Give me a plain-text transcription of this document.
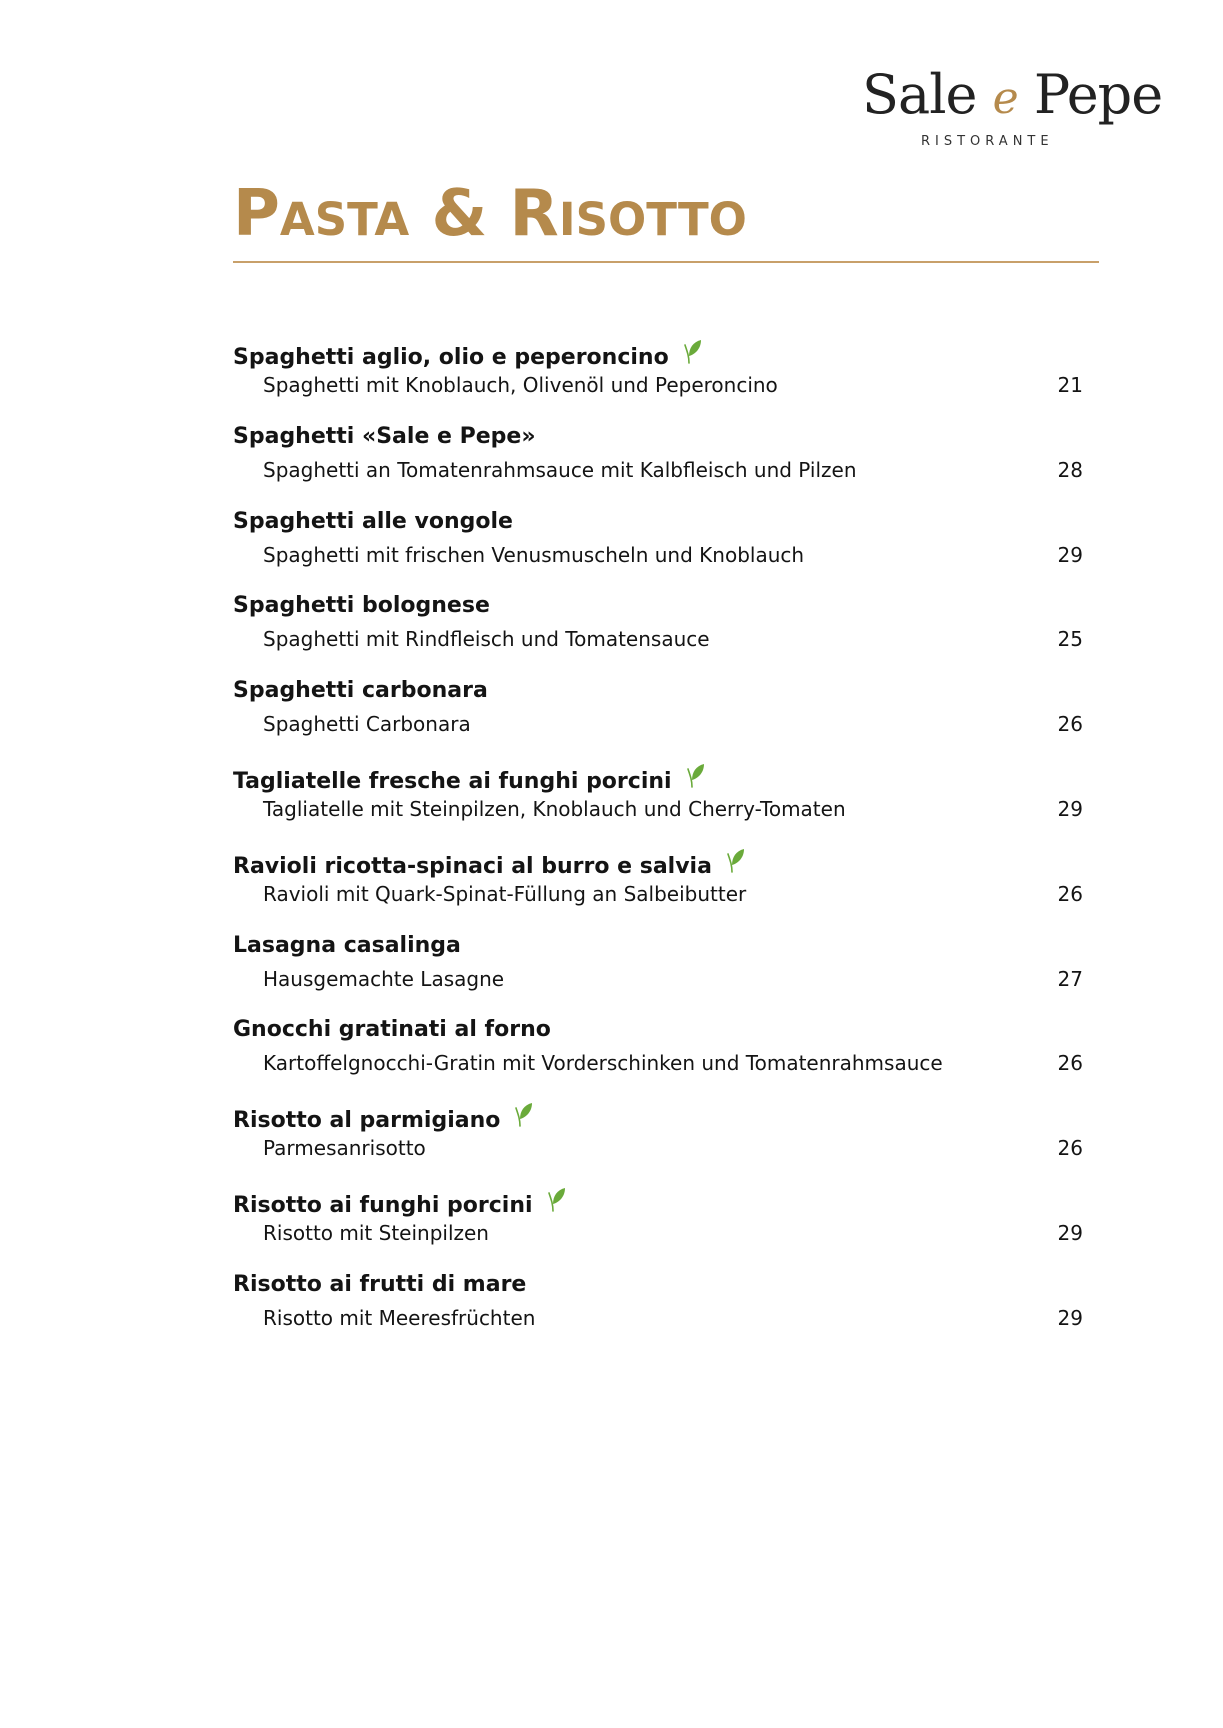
Sale e Pepe
RISTORANTE
Pasta & Risotto
Spaghetti aglio, olio e peperoncino
Spaghetti mit Knoblauch, Olivenöl und Peperoncino	21
Spaghetti «Sale e Pepe»
Spaghetti an Tomatenrahmsauce mit Kalbfleisch und Pilzen	28
Spaghetti alle vongole
Spaghetti mit frischen Venusmuscheln und Knoblauch	29
Spaghetti bolognese
Spaghetti mit Rindfleisch und Tomatensauce	25
Spaghetti carbonara
Spaghetti Carbonara	26
Tagliatelle fresche ai funghi porcini
Tagliatelle mit Steinpilzen, Knoblauch und Cherry-Tomaten	29
Ravioli ricotta-spinaci al burro e salvia
Ravioli mit Quark-Spinat-Füllung an Salbeibutter	26
Lasagna casalinga
Hausgemachte Lasagne	27
Gnocchi gratinati al forno
Kartoffelgnocchi-Gratin mit Vorderschinken und Tomatenrahmsauce	26
Risotto al parmigiano
Parmesanrisotto	26
Risotto ai funghi porcini
Risotto mit Steinpilzen	29
Risotto ai frutti di mare
Risotto mit Meeresfrüchten	29
